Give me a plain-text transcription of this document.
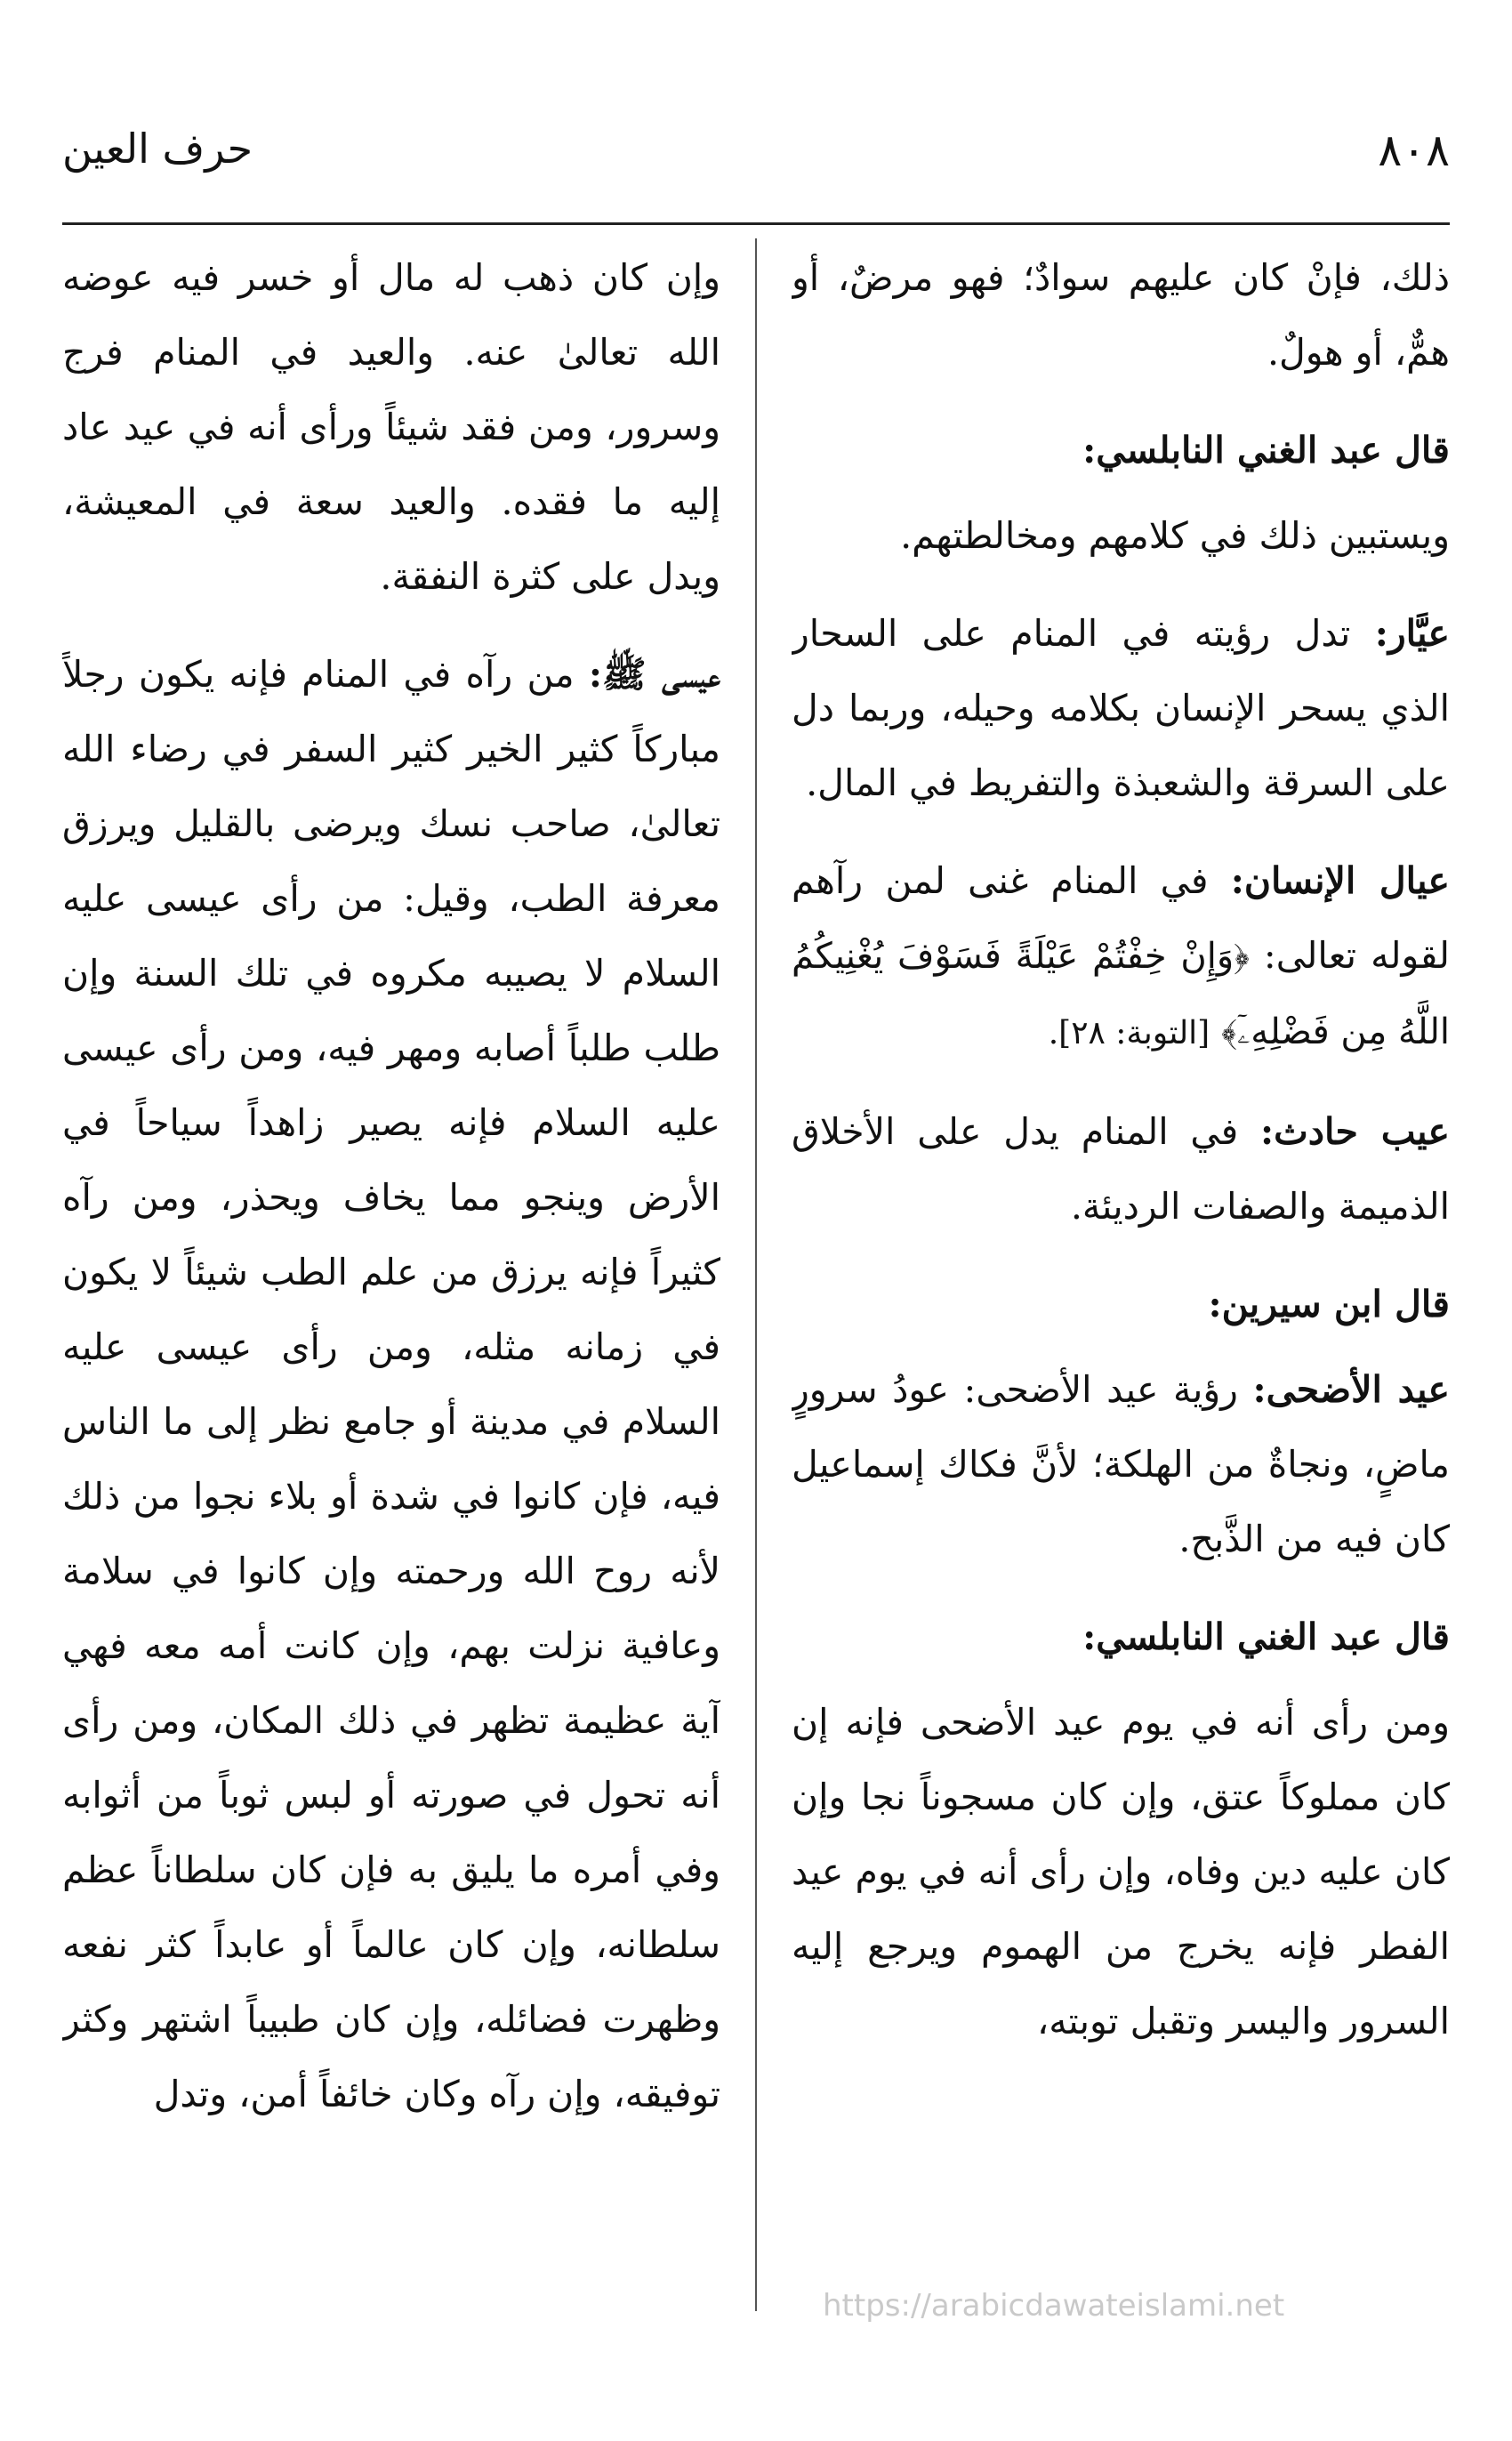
٨٠٨
حرف العين

ذلك، فإنْ كان عليهم سوادٌ؛ فهو مرضٌ، أو همٌّ، أو هولٌ.

قال عبد الغني النابلسي:

ويستبين ذلك في كلامهم ومخالطتهم.

عيَّار: تدل رؤيته في المنام على السحار الذي يسحر الإنسان بكلامه وحيله، وربما دل على السرقة والشعبذة والتفريط في المال.

عيال الإنسان: في المنام غنى لمن رآهم لقوله تعالى: ﴿وَإِنْ خِفْتُمْ عَيْلَةً فَسَوْفَ يُغْنِيكُمُ اللَّهُ مِن فَضْلِهِۦٓ﴾ [التوبة: ٢٨].

عيب حادث: في المنام يدل على الأخلاق الذميمة والصفات الرديئة.

قال ابن سيرين:

عيد الأضحى: رؤية عيد الأضحى: عودُ سرورٍ ماضٍ، ونجاةٌ من الهلكة؛ لأنَّ فكاك إسماعيل كان فيه من الذَّبح.

قال عبد الغني النابلسي:

ومن رأى أنه في يوم عيد الأضحى فإنه إن كان مملوكاً عتق، وإن كان مسجوناً نجا وإن كان عليه دين وفاه، وإن رأى أنه في يوم عيد الفطر فإنه يخرج من الهموم ويرجع إليه السرور واليسر وتقبل توبته،

وإن كان ذهب له مال أو خسر فيه عوضه الله تعالىٰ عنه. والعيد في المنام فرج وسرور، ومن فقد شيئاً ورأى أنه في عيد عاد إليه ما فقده. والعيد سعة في المعيشة، ويدل على كثرة النفقة.

عيسى ﷺ: من رآه في المنام فإنه يكون رجلاً مباركاً كثير الخير كثير السفر في رضاء الله تعالىٰ، صاحب نسك ويرضى بالقليل ويرزق معرفة الطب، وقيل: من رأى عيسى عليه السلام لا يصيبه مكروه في تلك السنة وإن طلب طلباً أصابه ومهر فيه، ومن رأى عيسى عليه السلام فإنه يصير زاهداً سياحاً في الأرض وينجو مما يخاف ويحذر، ومن رآه كثيراً فإنه يرزق من علم الطب شيئاً لا يكون في زمانه مثله، ومن رأى عيسى عليه السلام في مدينة أو جامع نظر إلى ما الناس فيه، فإن كانوا في شدة أو بلاء نجوا من ذلك لأنه روح الله ورحمته وإن كانوا في سلامة وعافية نزلت بهم، وإن كانت أمه معه فهي آية عظيمة تظهر في ذلك المكان، ومن رأى أنه تحول في صورته أو لبس ثوباً من أثوابه وفي أمره ما يليق به فإن كان سلطاناً عظم سلطانه، وإن كان عالماً أو عابداً كثر نفعه وظهرت فضائله، وإن كان طبيباً اشتهر وكثر توفيقه، وإن رآه وكان خائفاً أمن، وتدل

https://arabicdawateislami.net
